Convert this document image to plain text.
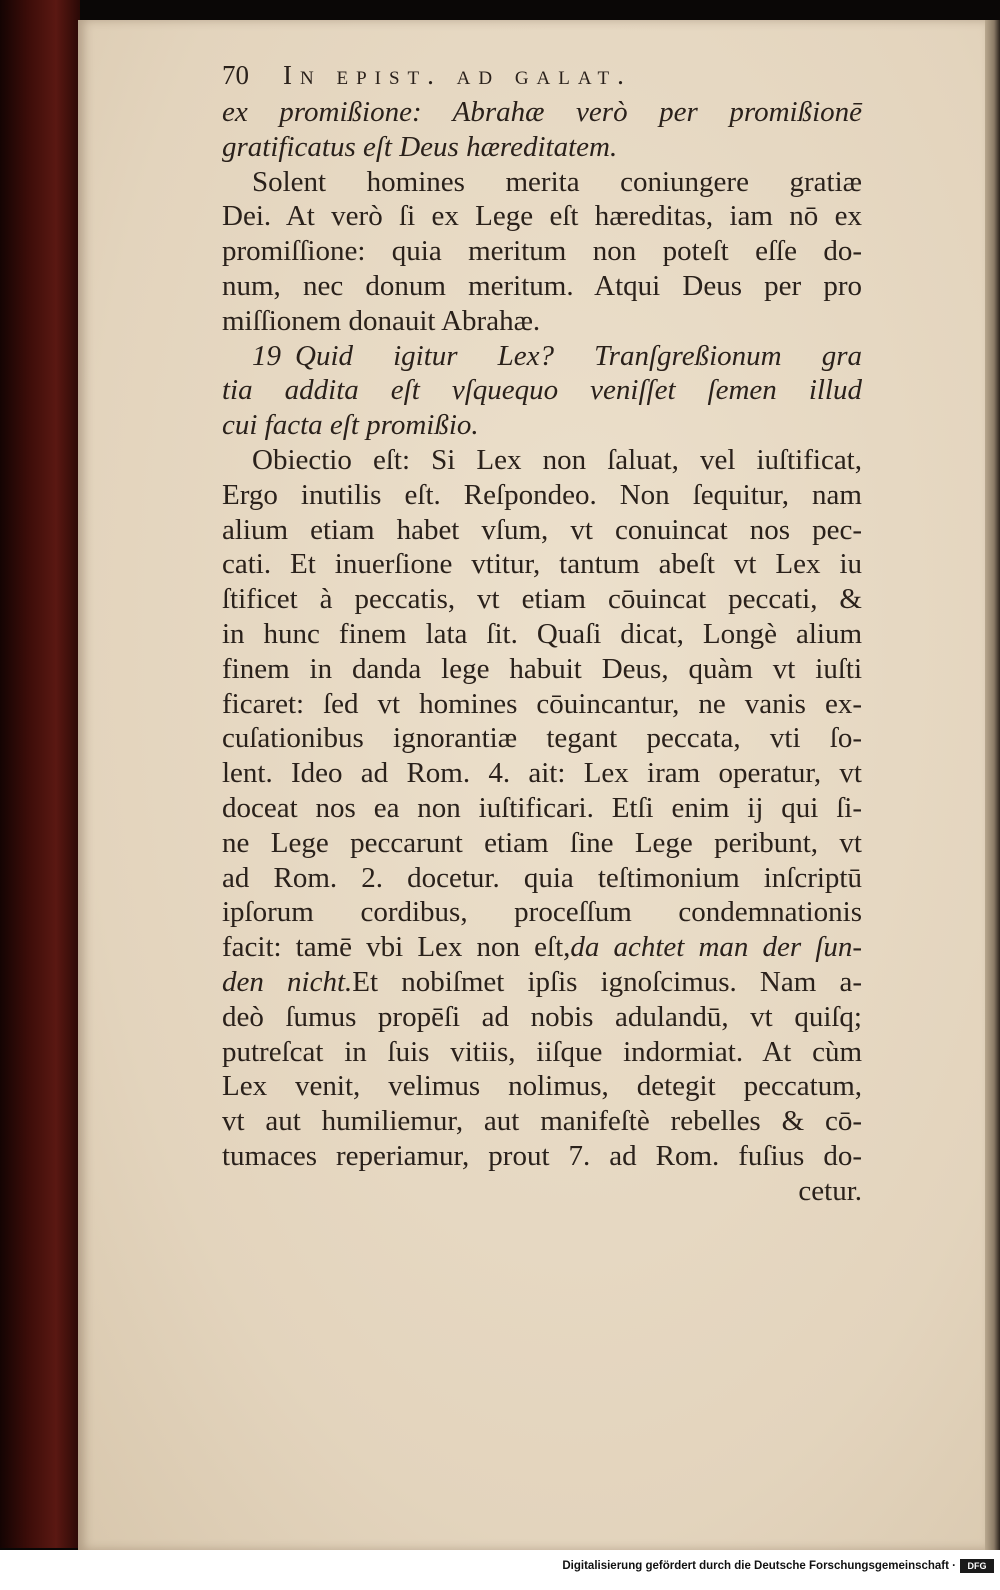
70 In epist. ad galat.
ex promißione: Abrahæ verò per promißionē
gratificatus eſt Deus hæreditatem.
Solent homines merita coniungere gratiæ
Dei. At verò ſi ex Lege eſt hæreditas, iam nō ex
promiſſione: quia meritum non poteſt eſſe do-
num, nec donum meritum. Atqui Deus per pro
miſſionem donauit Abrahæ.
19 Quid igitur Lex? Tranſgreßionum gra
tia addita eſt vſquequo veniſſet ſemen illud
cui facta eſt promißio.
Obiectio eſt: Si Lex non ſaluat, vel iuſtificat,
Ergo inutilis eſt. Reſpondeo. Non ſequitur, nam
alium etiam habet vſum, vt conuincat nos pec-
cati. Et inuerſione vtitur, tantum abeſt vt Lex iu
ſtificet à peccatis, vt etiam cōuincat peccati, &
in hunc finem lata ſit. Quaſi dicat, Longè alium
finem in danda lege habuit Deus, quàm vt iuſti
ficaret: ſed vt homines cōuincantur, ne vanis ex-
cuſationibus ignorantiæ tegant peccata, vti ſo-
lent. Ideo ad Rom. 4. ait: Lex iram operatur, vt
doceat nos ea non iuſtificari. Etſi enim ij qui ſi-
ne Lege peccarunt etiam ſine Lege peribunt, vt
ad Rom. 2. docetur. quia teſtimonium inſcriptū
ipſorum cordibus, proceſſum condemnationis
facit: tamē vbi Lex non eſt,da achtet man der ſun-
den nicht.Et nobiſmet ipſis ignoſcimus. Nam a-
deò ſumus propēſi ad nobis adulandū, vt quiſq;
putreſcat in ſuis vitiis, iiſque indormiat. At cùm
Lex venit, velimus nolimus, detegit peccatum,
vt aut humiliemur, aut manifeſtè rebelles & cō-
tumaces reperiamur, prout 7. ad Rom. fuſius do-
cetur.
Digitalisierung gefördert durch die Deutsche Forschungsgemeinschaft ·	DFG
